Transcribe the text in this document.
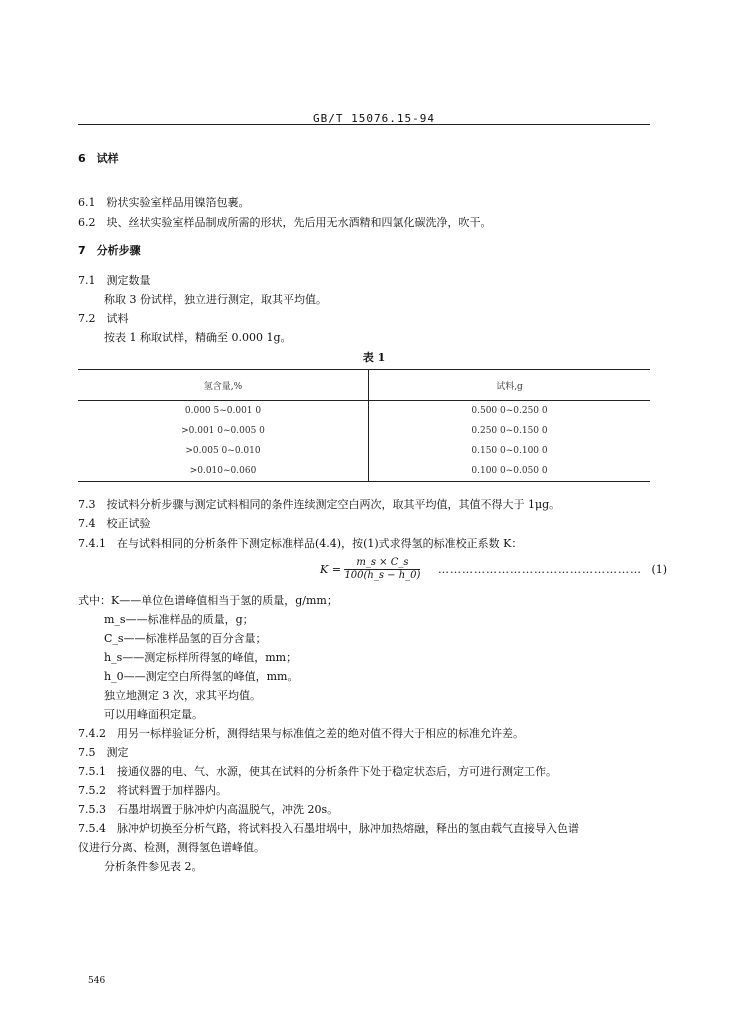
GB/T 15076.15-94
6　试样
6.1　粉状实验室样品用镍箔包裹。
6.2　块、丝状实验室样品制成所需的形状，先后用无水酒精和四氯化碳洗净，吹干。
7　分析步骤
7.1　测定数量
称取 3 份试样，独立进行测定，取其平均值。
7.2　试料
按表 1 称取试样，精确至 0.000 1g。
表 1
氢含量,%	试料,g
0.000 5~0.001 0	0.500 0~0.250 0
>0.001 0~0.005 0	0.250 0~0.150 0
>0.005 0~0.010	0.150 0~0.100 0
>0.010~0.060	0.100 0~0.050 0
7.3　按试料分析步骤与测定试料相同的条件连续测定空白两次，取其平均值，其值不得大于 1μg。
7.4　校正试验
7.4.1　在与试料相同的分析条件下测定标准样品(4.4)，按(1)式求得氢的标准校正系数 K：
$K = \frac{m\_s \times C\_s}{100(h\_s - h\_0)}$ …………………………………………… (1)
式中：K——单位色谱峰值相当于氢的质量，g/mm；
m_s——标准样品的质量，g；
C_s——标准样品氢的百分含量；
h_s——测定标样所得氢的峰值，mm；
h_0——测定空白所得氢的峰值，mm。
独立地测定 3 次，求其平均值。
可以用峰面积定量。
7.4.2　用另一标样验证分析，测得结果与标准值之差的绝对值不得大于相应的标准允许差。
7.5　测定
7.5.1　接通仪器的电、气、水源，使其在试料的分析条件下处于稳定状态后，方可进行测定工作。
7.5.2　将试料置于加样器内。
7.5.3　石墨坩埚置于脉冲炉内高温脱气，冲洗 20s。
7.5.4　脉冲炉切换至分析气路，将试料投入石墨坩埚中，脉冲加热熔融，释出的氢由载气直接导入色谱
仪进行分离、检测，测得氢色谱峰值。
分析条件参见表 2。
546
